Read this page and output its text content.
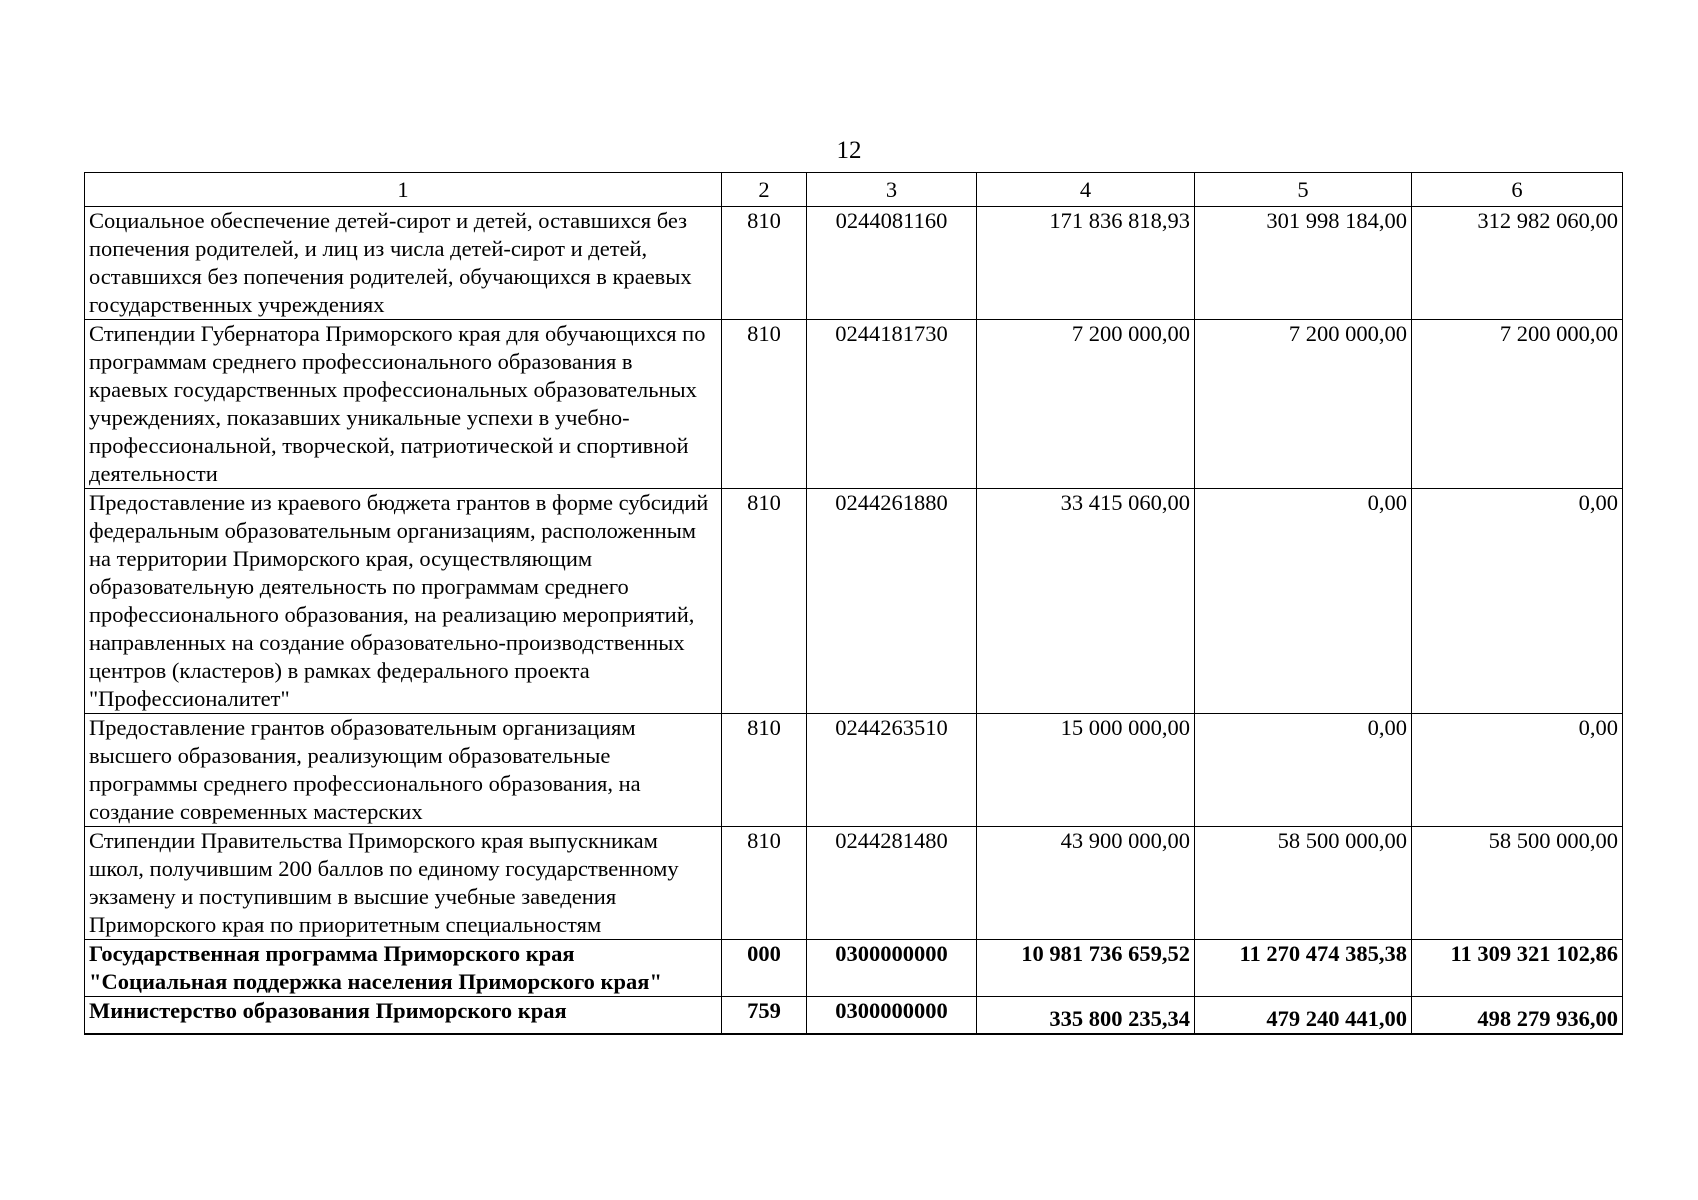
12
1	2	3	4	5	6
Социальное обеспечение детей-сирот и детей, оставшихся без попечения родителей, и лиц из числа детей-сирот и детей, оставшихся без попечения родителей, обучающихся в краевых государственных учреждениях	810	0244081160	171 836 818,93	301 998 184,00	312 982 060,00
Стипендии Губернатора Приморского края для обучающихся по программам среднего профессионального образования в краевых государственных профессиональных образовательных учреждениях, показавших уникальные успехи в учебно-профессиональной, творческой, патриотической и спортивной деятельности	810	0244181730	7 200 000,00	7 200 000,00	7 200 000,00
Предоставление из краевого бюджета грантов в форме субсидий федеральным образовательным организациям, расположенным на территории Приморского края, осуществляющим образовательную деятельность по программам среднего профессионального образования, на реализацию мероприятий, направленных на создание образовательно-производственных центров (кластеров) в рамках федерального проекта "Профессионалитет"	810	0244261880	33 415 060,00	0,00	0,00
Предоставление грантов образовательным организациям высшего образования, реализующим образовательные программы среднего профессионального образования, на создание современных мастерских	810	0244263510	15 000 000,00	0,00	0,00
Стипендии Правительства Приморского края выпускникам школ, получившим 200 баллов по единому государственному экзамену и поступившим в высшие учебные заведения Приморского края по приоритетным специальностям	810	0244281480	43 900 000,00	58 500 000,00	58 500 000,00
Государственная программа Приморского края "Социальная поддержка населения Приморского края"	000	0300000000	10 981 736 659,52	11 270 474 385,38	11 309 321 102,86
Министерство образования Приморского края	759	0300000000	335 800 235,34	479 240 441,00	498 279 936,00
